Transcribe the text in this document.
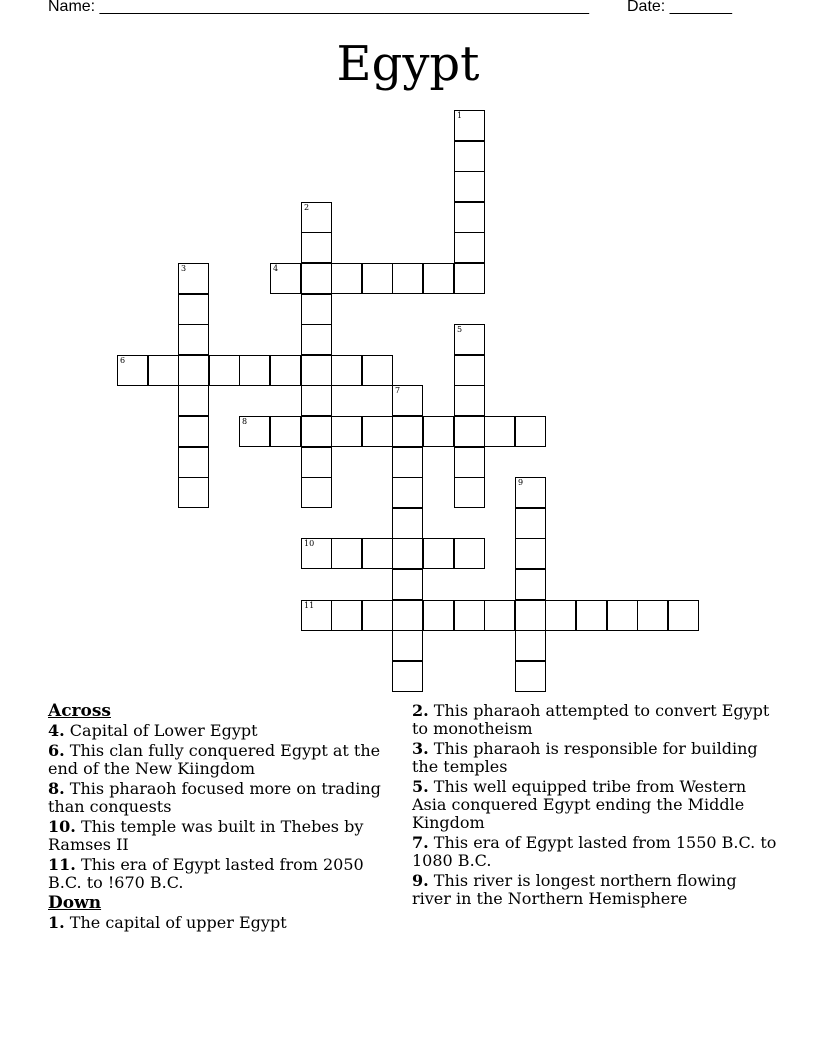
Name: _______________________________________________________ Date: _______
Egypt
1
2
3	4
5
6
7
8
9
10
11
Across
4. Capital of Lower Egypt
6. This clan fully conquered Egypt at the end of the New Kiingdom
8. This pharaoh focused more on trading than conquests
10. This temple was built in Thebes by Ramses II
11. This era of Egypt lasted from 2050 B.C. to !670 B.C.
Down
1. The capital of upper Egypt
2. This pharaoh attempted to convert Egypt to monotheism
3. This pharaoh is responsible for building the temples
5. This well equipped tribe from Western Asia conquered Egypt ending the Middle Kingdom
7. This era of Egypt lasted from 1550 B.C. to 1080 B.C.
9. This river is longest northern flowing river in the Northern Hemisphere
